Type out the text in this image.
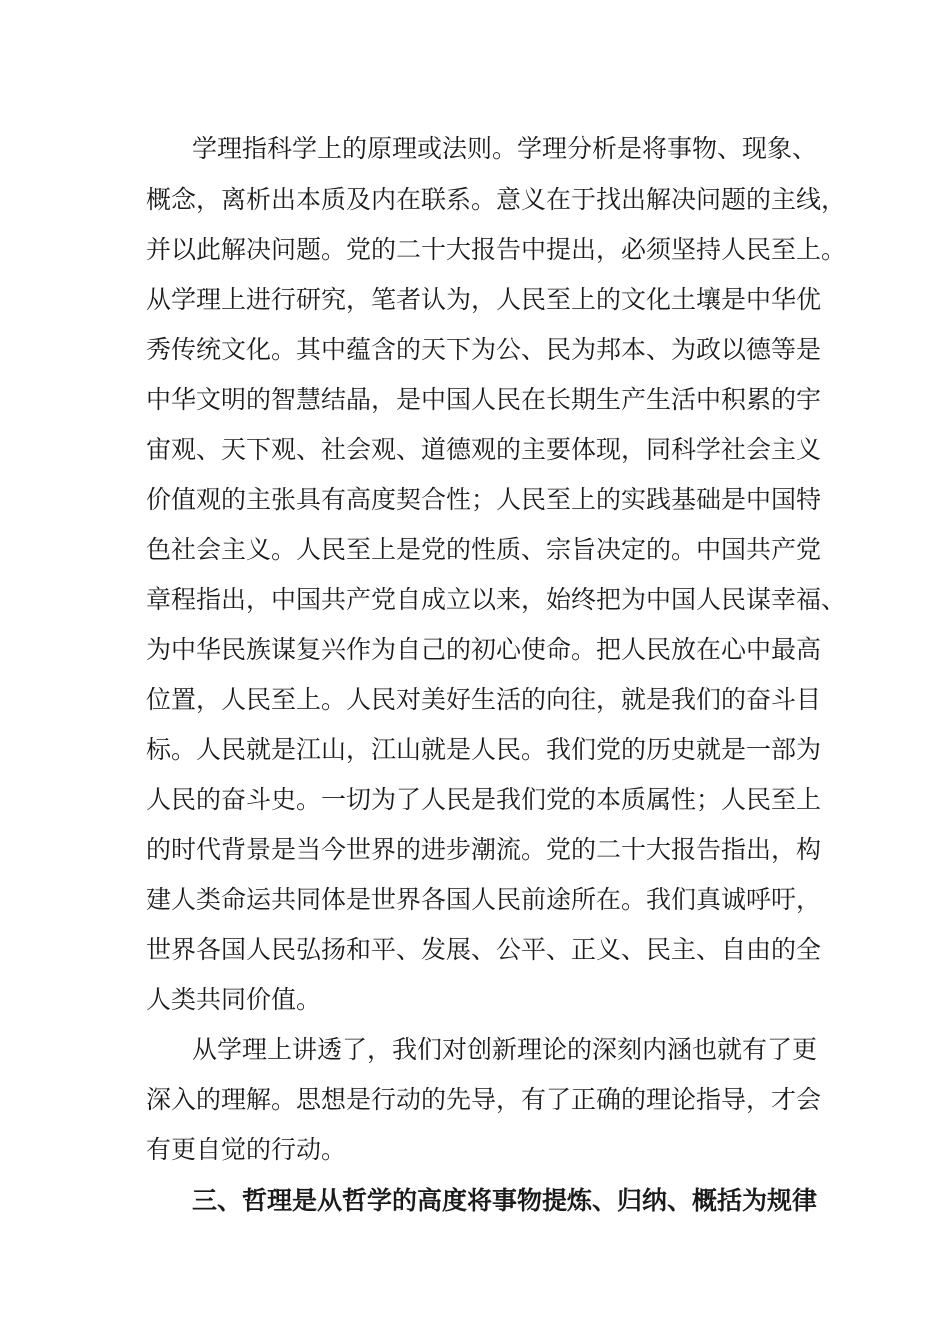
学理指科学上的原理或法则。学理分析是将事物、现象、
概念，离析出本质及内在联系。意义在于找出解决问题的主线，
并以此解决问题。党的二十大报告中提出，必须坚持人民至上。
从学理上进行研究，笔者认为，人民至上的文化土壤是中华优
秀传统文化。其中蕴含的天下为公、民为邦本、为政以德等是
中华文明的智慧结晶，是中国人民在长期生产生活中积累的宇
宙观、天下观、社会观、道德观的主要体现，同科学社会主义
价值观的主张具有高度契合性；人民至上的实践基础是中国特
色社会主义。人民至上是党的性质、宗旨决定的。中国共产党
章程指出，中国共产党自成立以来，始终把为中国人民谋幸福、
为中华民族谋复兴作为自己的初心使命。把人民放在心中最高
位置，人民至上。人民对美好生活的向往，就是我们的奋斗目
标。人民就是江山，江山就是人民。我们党的历史就是一部为
人民的奋斗史。一切为了人民是我们党的本质属性；人民至上
的时代背景是当今世界的进步潮流。党的二十大报告指出，构
建人类命运共同体是世界各国人民前途所在。我们真诚呼吁，
世界各国人民弘扬和平、发展、公平、正义、民主、自由的全
人类共同价值。
从学理上讲透了，我们对创新理论的深刻内涵也就有了更
深入的理解。思想是行动的先导，有了正确的理论指导，才会
有更自觉的行动。
三、哲理是从哲学的高度将事物提炼、归纳、概括为规律
